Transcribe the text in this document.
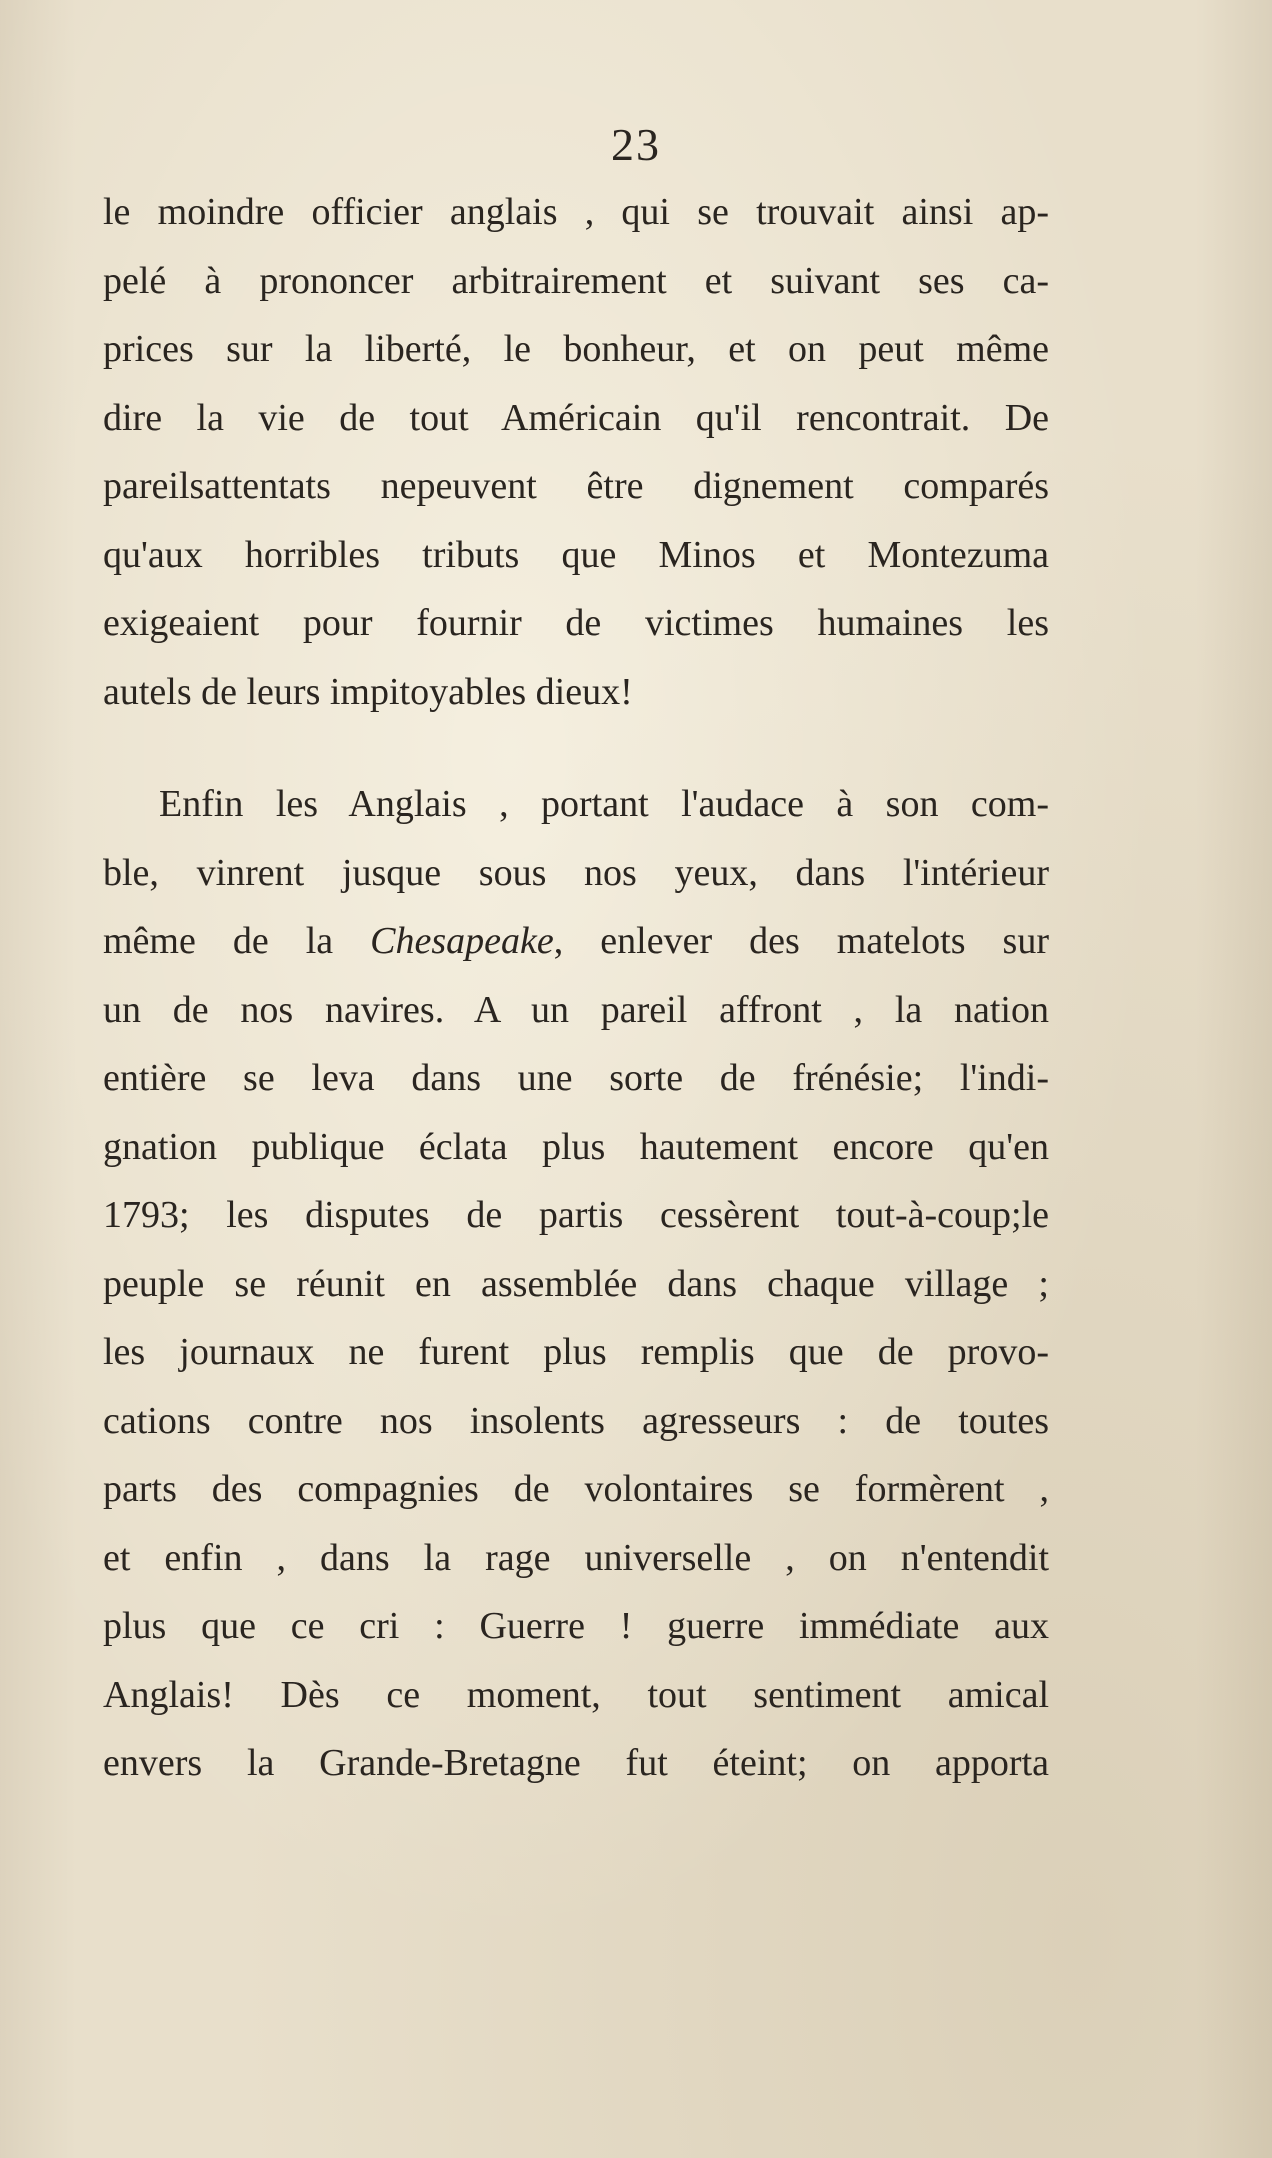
23
le moindre officier anglais , qui se trouvait ainsi ap-
pelé à prononcer arbitrairement et suivant ses ca-
prices sur la liberté, le bonheur, et on peut même
dire la vie de tout Américain qu'il rencontrait. De
pareilsattentats nepeuvent être dignement comparés
qu'aux horribles tributs que Minos et Montezuma
exigeaient pour fournir de victimes humaines les
autels de leurs impitoyables dieux!
Enfin les Anglais , portant l'audace à son com-
ble, vinrent jusque sous nos yeux, dans l'intérieur
même de la Chesapeake, enlever des matelots sur
un de nos navires. A un pareil affront , la nation
entière se leva dans une sorte de frénésie; l'indi-
gnation publique éclata plus hautement encore qu'en
1793; les disputes de partis cessèrent tout-à-coup;le
peuple se réunit en assemblée dans chaque village ;
les journaux ne furent plus remplis que de provo-
cations contre nos insolents agresseurs : de toutes
parts des compagnies de volontaires se formèrent ,
et enfin , dans la rage universelle , on n'entendit
plus que ce cri : Guerre ! guerre immédiate aux
Anglais! Dès ce moment, tout sentiment amical
envers la Grande-Bretagne fut éteint; on apporta
